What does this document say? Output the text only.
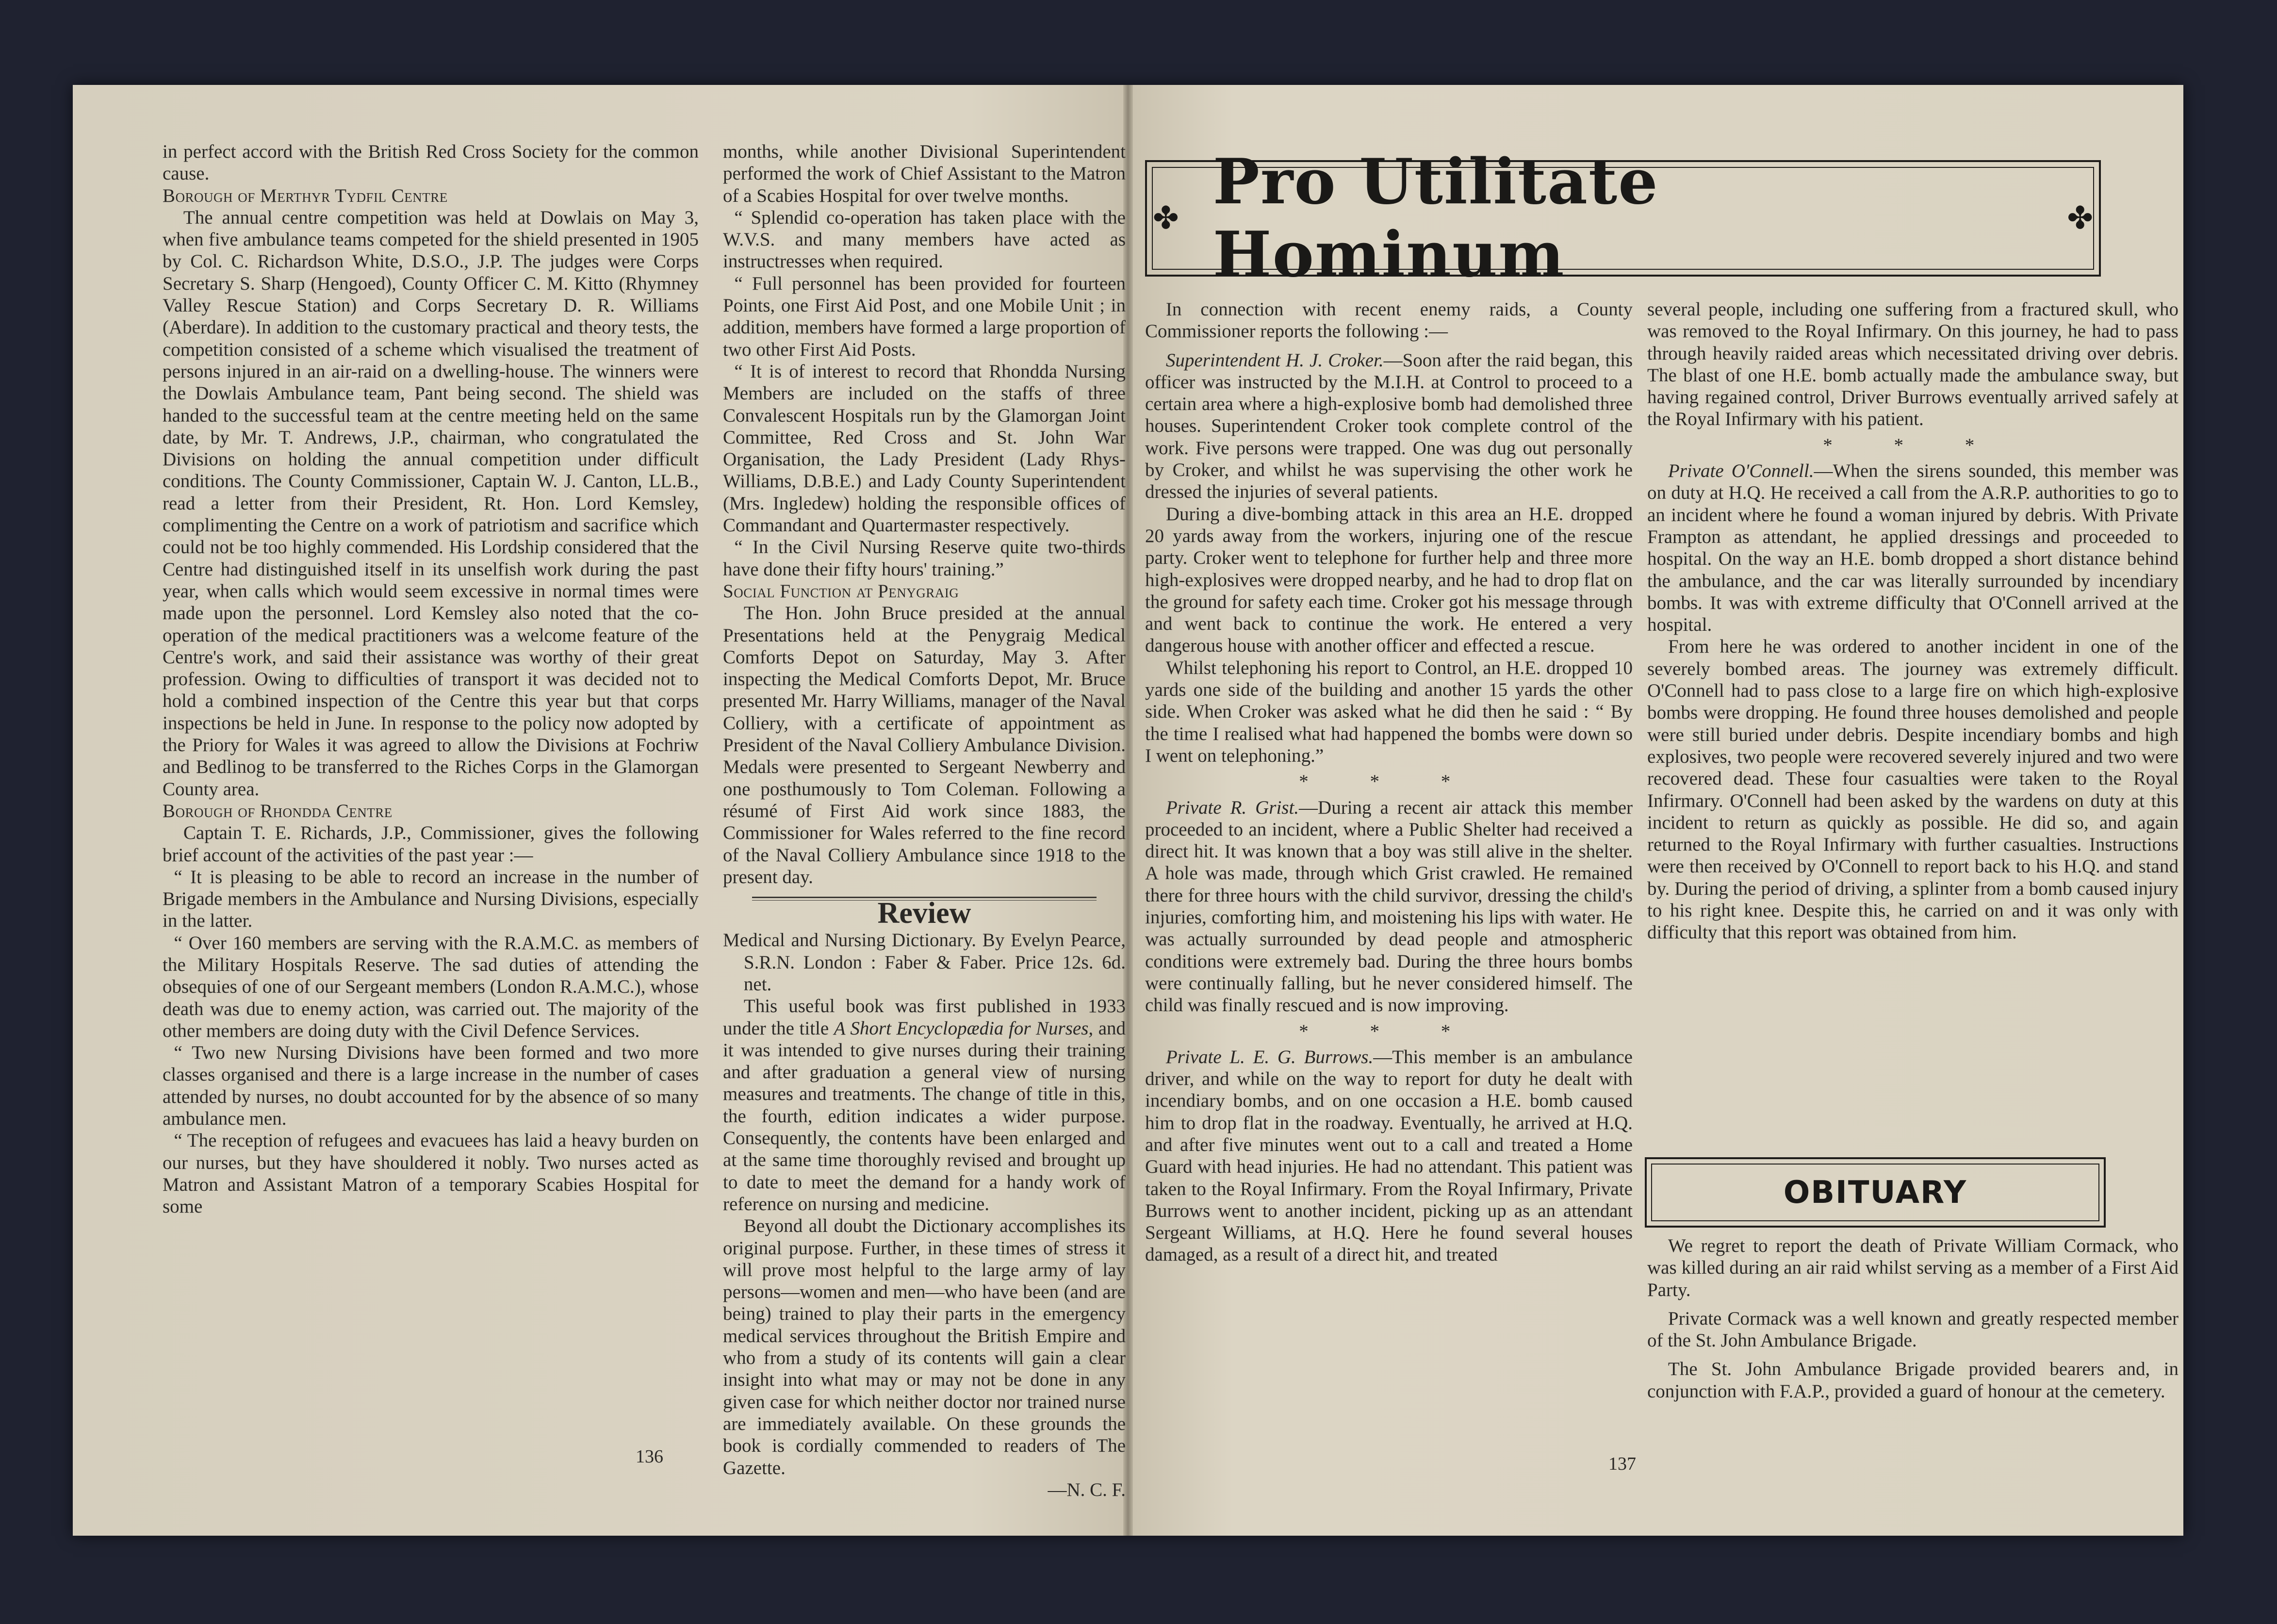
in perfect accord with the British Red Cross Society for the common cause.

Borough of Merthyr Tydfil Centre

The annual centre competition was held at Dowlais on May 3, when five ambulance teams competed for the shield presented in 1905 by Col. C. Richardson White, D.S.O., J.P. The judges were Corps Secretary S. Sharp (Hengoed), County Officer C. M. Kitto (Rhymney Valley Rescue Station) and Corps Secretary D. R. Williams (Aberdare). In addition to the customary practical and theory tests, the competition consisted of a scheme which visualised the treatment of persons injured in an air-raid on a dwelling-house. The winners were the Dowlais Ambulance team, Pant being second. The shield was handed to the successful team at the centre meeting held on the same date, by Mr. T. Andrews, J.P., chairman, who congratulated the Divisions on holding the annual competition under difficult conditions. The County Commissioner, Captain W. J. Canton, LL.B., read a letter from their President, Rt. Hon. Lord Kemsley, complimenting the Centre on a work of patriotism and sacrifice which could not be too highly commended. His Lordship considered that the Centre had distinguished itself in its unselfish work during the past year, when calls which would seem excessive in normal times were made upon the personnel. Lord Kemsley also noted that the co-operation of the medical practitioners was a welcome feature of the Centre's work, and said their assistance was worthy of their great profession. Owing to difficulties of transport it was decided not to hold a combined inspection of the Centre this year but that corps inspections be held in June. In response to the policy now adopted by the Priory for Wales it was agreed to allow the Divisions at Fochriw and Bedlinog to be transferred to the Riches Corps in the Glamorgan County area.

Borough of Rhondda Centre

Captain T. E. Richards, J.P., Commissioner, gives the following brief account of the activities of the past year :—

“ It is pleasing to be able to record an increase in the number of Brigade members in the Ambulance and Nursing Divisions, especially in the latter.

“ Over 160 members are serving with the R.A.M.C. as members of the Military Hospitals Reserve. The sad duties of attending the obsequies of one of our Sergeant members (London R.A.M.C.), whose death was due to enemy action, was carried out. The majority of the other members are doing duty with the Civil Defence Services.

“ Two new Nursing Divisions have been formed and two more classes organised and there is a large increase in the number of cases attended by nurses, no doubt accounted for by the absence of so many ambulance men.

“ The reception of refugees and evacuees has laid a heavy burden on our nurses, but they have shouldered it nobly. Two nurses acted as Matron and Assistant Matron of a temporary Scabies Hospital for some

months, while another Divisional Superintendent performed the work of Chief Assistant to the Matron of a Scabies Hospital for over twelve months.

“ Splendid co-operation has taken place with the W.V.S. and many members have acted as instructresses when required.

“ Full personnel has been provided for fourteen Points, one First Aid Post, and one Mobile Unit ; in addition, members have formed a large proportion of two other First Aid Posts.

“ It is of interest to record that Rhondda Nursing Members are included on the staffs of three Convalescent Hospitals run by the Glamorgan Joint Committee, Red Cross and St. John War Organisation, the Lady President (Lady Rhys-Williams, D.B.E.) and Lady County Superintendent (Mrs. Ingledew) holding the responsible offices of Commandant and Quartermaster respectively.

“ In the Civil Nursing Reserve quite two-thirds have done their fifty hours' training.”

Social Function at Penygraig

The Hon. John Bruce presided at the annual Presentations held at the Penygraig Medical Comforts Depot on Saturday, May 3. After inspecting the Medical Comforts Depot, Mr. Bruce presented Mr. Harry Williams, manager of the Naval Colliery, with a certificate of appointment as President of the Naval Colliery Ambulance Division. Medals were presented to Sergeant Newberry and one posthumously to Tom Coleman. Following a résumé of First Aid work since 1883, the Commissioner for Wales referred to the fine record of the Naval Colliery Ambulance since 1918 to the present day.

Review

Medical and Nursing Dictionary. By Evelyn Pearce, S.R.N. London : Faber & Faber. Price 12s. 6d. net.

This useful book was first published in 1933 under the title A Short Encyclopædia for Nurses, and it was intended to give nurses during their training and after graduation a general view of nursing measures and treatments. The change of title in this, the fourth, edition indicates a wider purpose. Consequently, the contents have been enlarged and at the same time thoroughly revised and brought up to date to meet the demand for a handy work of reference on nursing and medicine.

Beyond all doubt the Dictionary accomplishes its original purpose. Further, in these times of stress it will prove most helpful to the large army of lay persons—women and men—who have been (and are being) trained to play their parts in the emergency medical services throughout the British Empire and who from a study of its contents will gain a clear insight into what may or may not be done in any given case for which neither doctor nor trained nurse are immediately available. On these grounds the book is cordially commended to readers of The Gazette.

—N. C. F.

136
✤ Pro Utilitate Hominum
✤

In connection with recent enemy raids, a County Commissioner reports the following :—

Superintendent H. J. Croker.—Soon after the raid began, this officer was instructed by the M.I.H. at Control to proceed to a certain area where a high-explosive bomb had demolished three houses. Superintendent Croker took complete control of the work. Five persons were trapped. One was dug out personally by Croker, and whilst he was supervising the other work he dressed the injuries of several patients.

During a dive-bombing attack in this area an H.E. dropped 20 yards away from the workers, injuring one of the rescue party. Croker went to telephone for further help and three more high-explosives were dropped nearby, and he had to drop flat on the ground for safety each time. Croker got his message through and went back to continue the work. He entered a very dangerous house with another officer and effected a rescue.

Whilst telephoning his report to Control, an H.E. dropped 10 yards one side of the building and another 15 yards the other side. When Croker was asked what he did then he said : “ By the time I realised what had happened the bombs were down so I went on telephoning.”

* * *

Private R. Grist.—During a recent air attack this member proceeded to an incident, where a Public Shelter had received a direct hit. It was known that a boy was still alive in the shelter. A hole was made, through which Grist crawled. He remained there for three hours with the child survivor, dressing the child's injuries, comforting him, and moistening his lips with water. He was actually surrounded by dead people and atmospheric conditions were extremely bad. During the three hours bombs were continually falling, but he never considered himself. The child was finally rescued and is now improving.

* * *

Private L. E. G. Burrows.—This member is an ambulance driver, and while on the way to report for duty he dealt with incendiary bombs, and on one occasion a H.E. bomb caused him to drop flat in the roadway. Eventually, he arrived at H.Q. and after five minutes went out to a call and treated a Home Guard with head injuries. He had no attendant. This patient was taken to the Royal Infirmary. From the Royal Infirmary, Private Burrows went to another incident, picking up as an attendant Sergeant Williams, at H.Q. Here he found several houses damaged, as a result of a direct hit, and treated

several people, including one suffering from a fractured skull, who was removed to the Royal Infirmary. On this journey, he had to pass through heavily raided areas which necessitated driving over debris. The blast of one H.E. bomb actually made the ambulance sway, but having regained control, Driver Burrows eventually arrived safely at the Royal Infirmary with his patient.

* * *

Private O'Connell.—When the sirens sounded, this member was on duty at H.Q. He received a call from the A.R.P. authorities to go to an incident where he found a woman injured by debris. With Private Frampton as attendant, he applied dressings and proceeded to hospital. On the way an H.E. bomb dropped a short distance behind the ambulance, and the car was literally surrounded by incendiary bombs. It was with extreme difficulty that O'Connell arrived at the hospital.

From here he was ordered to another incident in one of the severely bombed areas. The journey was extremely difficult. O'Connell had to pass close to a large fire on which high-explosive bombs were dropping. He found three houses demolished and people were still buried under debris. Despite incendiary bombs and high explosives, two people were recovered severely injured and two were recovered dead. These four casualties were taken to the Royal Infirmary. O'Connell had been asked by the wardens on duty at this incident to return as quickly as possible. He did so, and again returned to the Royal Infirmary with further casualties. Instructions were then received by O'Connell to report back to his H.Q. and stand by. During the period of driving, a splinter from a bomb caused injury to his right knee. Despite this, he carried on and it was only with difficulty that this report was obtained from him.

OBITUARY

We regret to report the death of Private William Cormack, who was killed during an air raid whilst serving as a member of a First Aid Party.

Private Cormack was a well known and greatly respected member of the St. John Ambulance Brigade.

The St. John Ambulance Brigade provided bearers and, in conjunction with F.A.P., provided a guard of honour at the cemetery.

137
